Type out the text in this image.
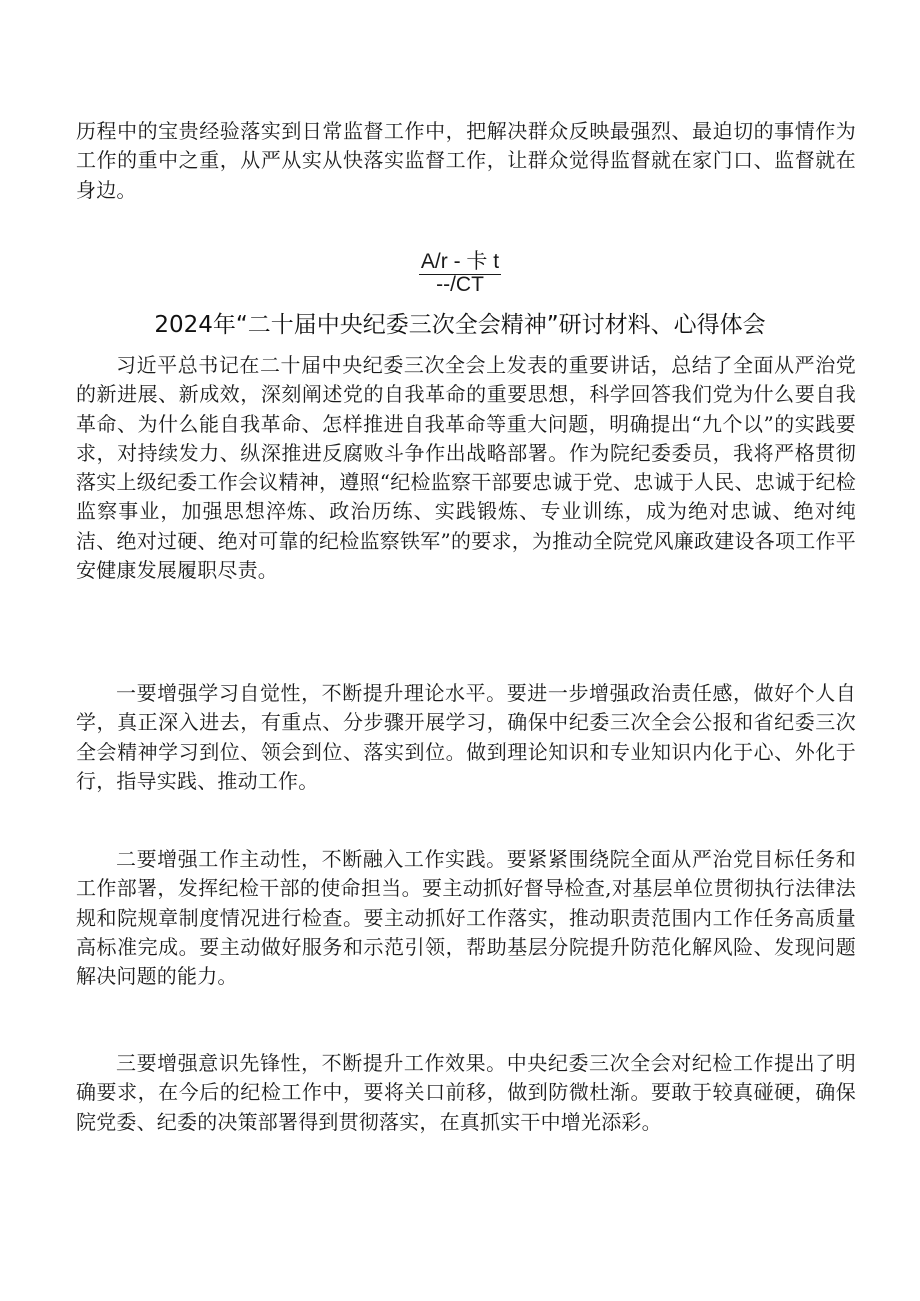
历程中的宝贵经验落实到日常监督工作中，把解决群众反映最强烈、最迫切的事情作为工作的重中之重，从严从实从快落实监督工作，让群众觉得监督就在家门口、监督就在身边。

A/r - 卡 t
--/CT
2024年“二十届中央纪委三次全会精神”研讨材料、心得体会

习近平总书记在二十届中央纪委三次全会上发表的重要讲话，总结了全面从严治党的新进展、新成效，深刻阐述党的自我革命的重要思想，科学回答我们党为什么要自我革命、为什么能自我革命、怎样推进自我革命等重大问题，明确提出“九个以”的实践要求，对持续发力、纵深推进反腐败斗争作出战略部署。作为院纪委委员，我将严格贯彻落实上级纪委工作会议精神，遵照“纪检监察干部要忠诚于党、忠诚于人民、忠诚于纪检监察事业，加强思想淬炼、政治历练、实践锻炼、专业训练，成为绝对忠诚、绝对纯洁、绝对过硬、绝对可靠的纪检监察铁军”的要求，为推动全院党风廉政建设各项工作平安健康发展履职尽责。

一要增强学习自觉性，不断提升理论水平。要进一步增强政治责任感，做好个人自学，真正深入进去，有重点、分步骤开展学习，确保中纪委三次全会公报和省纪委三次全会精神学习到位、领会到位、落实到位。做到理论知识和专业知识内化于心、外化于行，指导实践、推动工作。

二要增强工作主动性，不断融入工作实践。要紧紧围绕院全面从严治党目标任务和工作部署，发挥纪检干部的使命担当。要主动抓好督导检查,对基层单位贯彻执行法律法规和院规章制度情况进行检查。要主动抓好工作落实，推动职责范围内工作任务高质量高标准完成。要主动做好服务和示范引领，帮助基层分院提升防范化解风险、发现问题解决问题的能力。

三要增强意识先锋性，不断提升工作效果。中央纪委三次全会对纪检工作提出了明确要求，在今后的纪检工作中，要将关口前移，做到防微杜渐。要敢于较真碰硬，确保院党委、纪委的决策部署得到贯彻落实，在真抓实干中增光添彩。
